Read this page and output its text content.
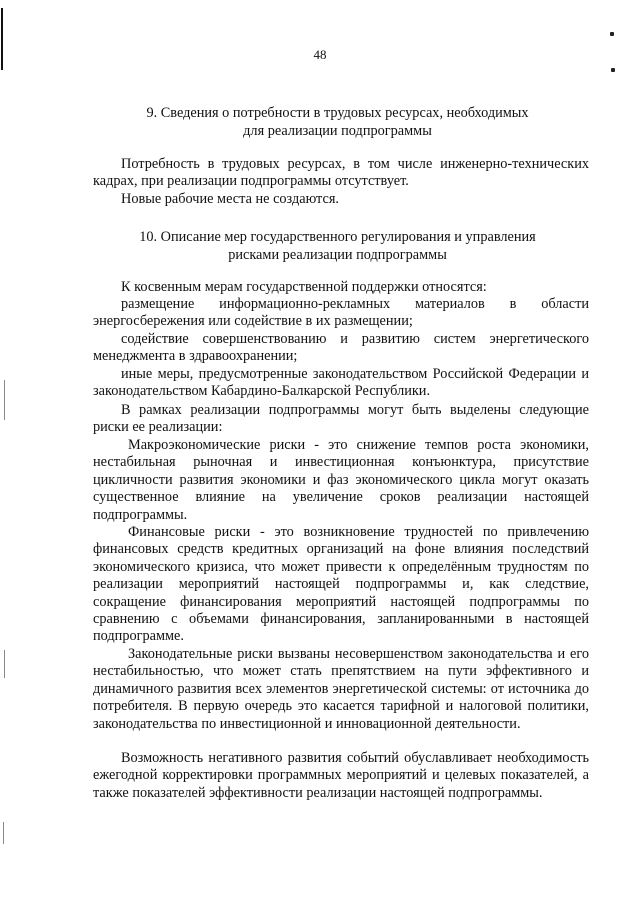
48
9. Сведения о потребности в трудовых ресурсах, необходимых
для реализации подпрограммы
Потребность в трудовых ресурсах, в том числе инженерно-технических кадрах, при реализации подпрограммы отсутствует.
Новые рабочие места не создаются.
10. Описание мер государственного регулирования и управления
рисками реализации подпрограммы
К косвенным мерам государственной поддержки относятся:
размещение информационно-рекламных материалов в области энергосбережения или содействие в их размещении;
содействие совершенствованию и развитию систем энергетического менеджмента в здравоохранении;
иные меры, предусмотренные законодательством Российской Федерации и законодательством Кабардино-Балкарской Республики.
В рамках реализации подпрограммы могут быть выделены следующие риски ее реализации:
Макроэкономические риски - это снижение темпов роста экономики, нестабильная рыночная и инвестиционная конъюнктура, присутствие цикличности развития экономики и фаз экономического цикла могут оказать существенное влияние на увеличение сроков реализации настоящей подпрограммы.
Финансовые риски - это возникновение трудностей по привлечению финансовых средств кредитных организаций на фоне влияния последствий экономического кризиса, что может привести к определённым трудностям по реализации мероприятий настоящей подпрограммы и, как следствие, сокращение финансирования мероприятий настоящей подпрограммы по сравнению с объемами финансирования, запланированными в настоящей подпрограмме.
Законодательные риски вызваны несовершенством законодательства и его нестабильностью, что может стать препятствием на пути эффективного и динамичного развития всех элементов энергетической системы: от источника до потребителя. В первую очередь это касается тарифной и налоговой политики, законодательства по инвестиционной и инновационной деятельности.
Возможность негативного развития событий обуславливает необходимость ежегодной корректировки программных мероприятий и целевых показателей, а также показателей эффективности реализации настоящей подпрограммы.
